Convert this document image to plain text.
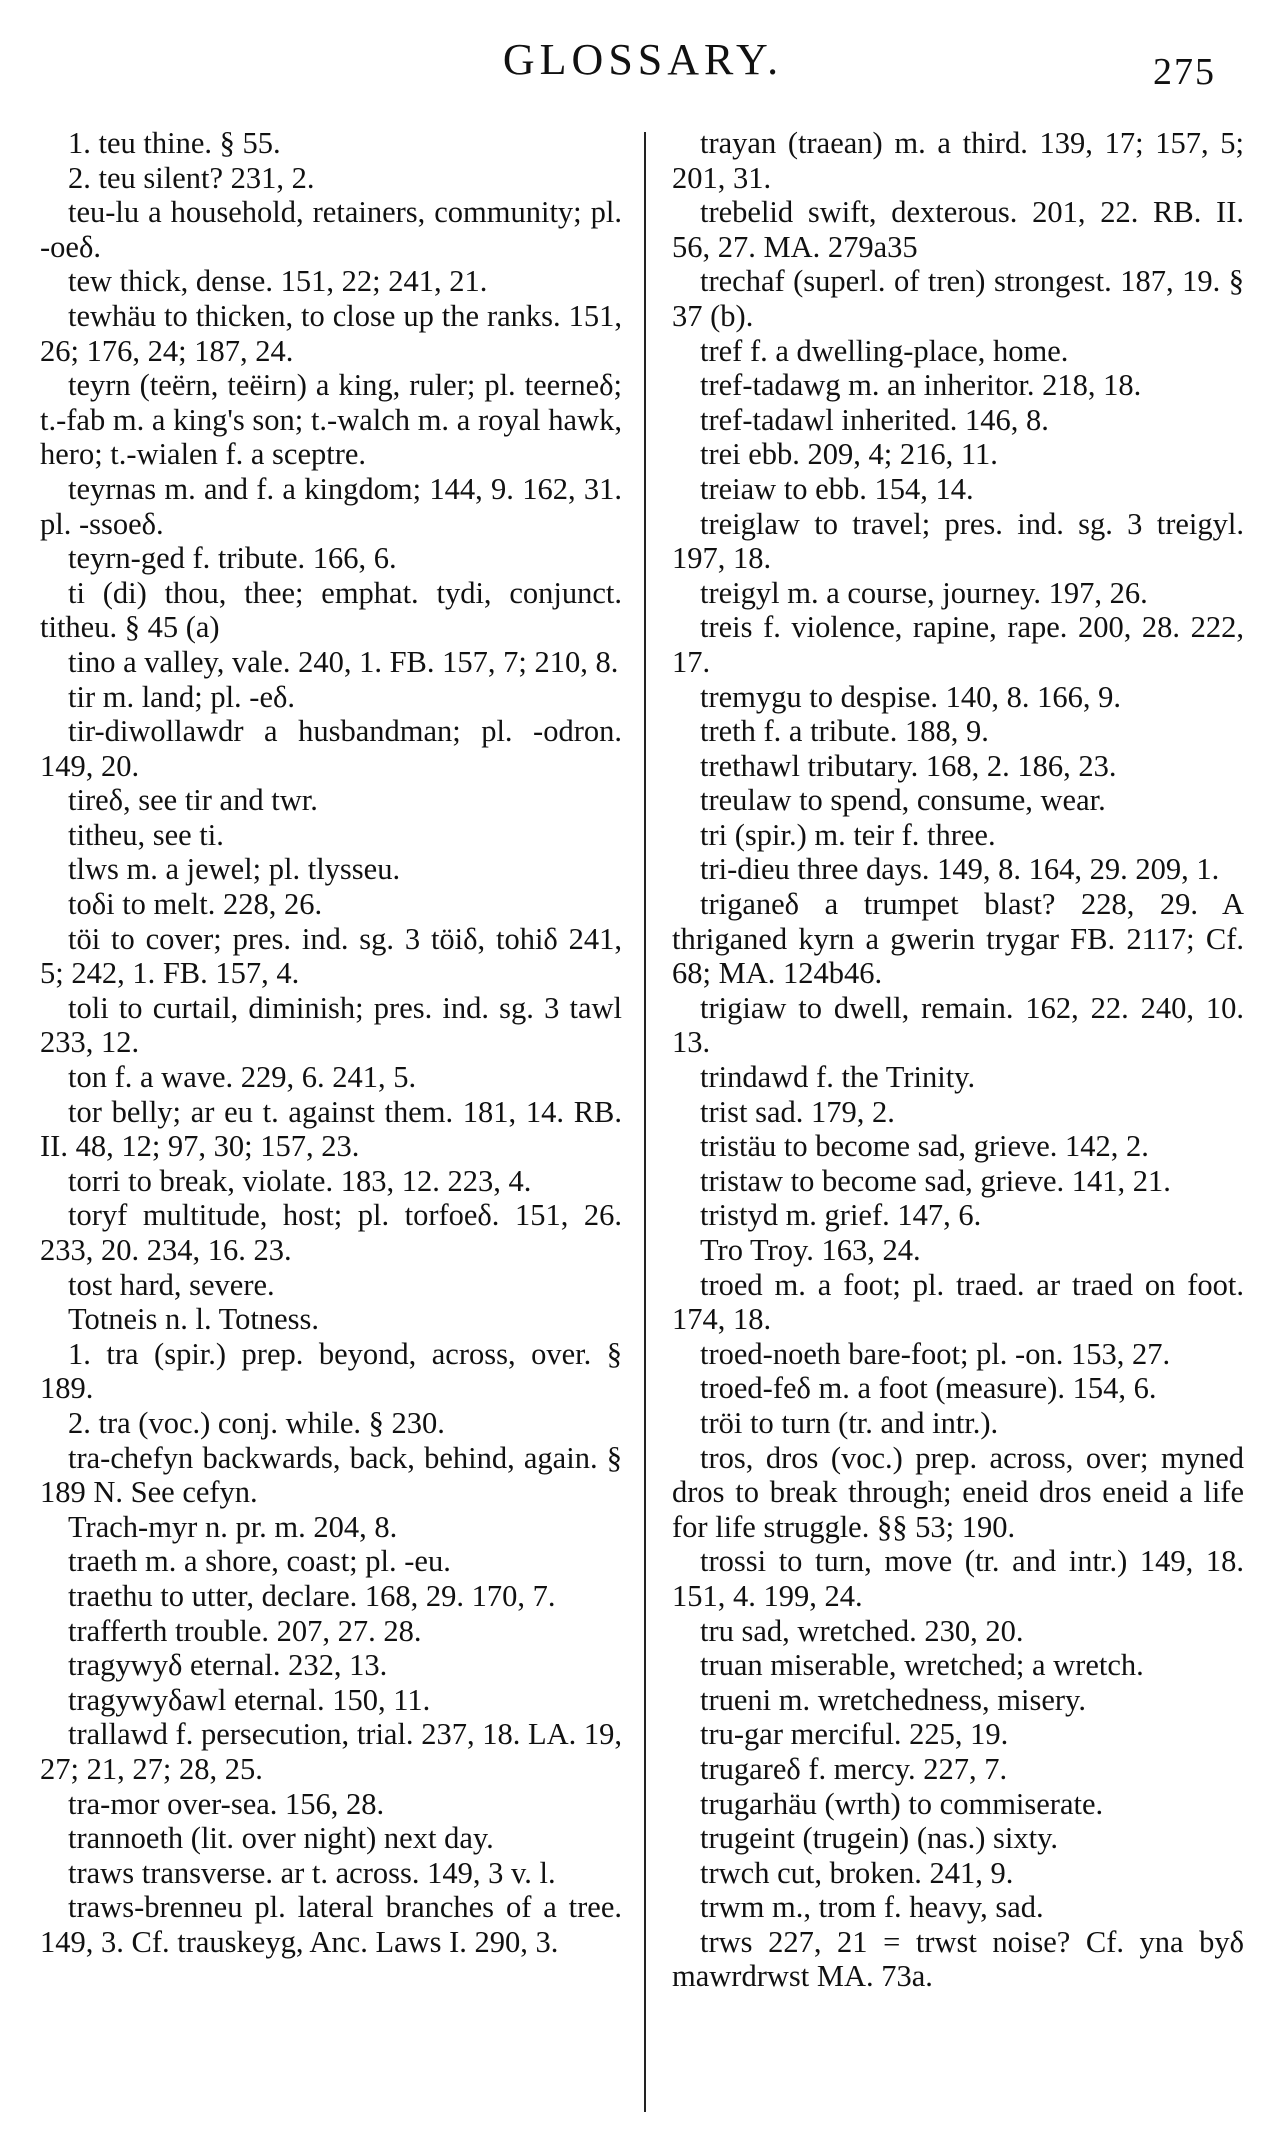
GLOSSARY.	275
1. teu thine. § 55.
2. teu silent? 231, 2.
teu-lu a household, retainers, community; pl. -oeδ.
tew thick, dense. 151, 22; 241, 21.
tewhäu to thicken, to close up the ranks. 151, 26; 176, 24; 187, 24.
teyrn (teërn, teëirn) a king, ruler; pl. teerneδ; t.-fab m. a king's son; t.-walch m. a royal hawk, hero; t.-wialen f. a sceptre.
teyrnas m. and f. a kingdom; 144, 9. 162, 31. pl. -ssoeδ.
teyrn-ged f. tribute. 166, 6.
ti (di) thou, thee; emphat. tydi, conjunct. titheu. § 45 (a)
tino a valley, vale. 240, 1. FB. 157, 7; 210, 8.
tir m. land; pl. -eδ.
tir-diwollawdr a husbandman; pl. -odron. 149, 20.
tireδ, see tir and twr.
titheu, see ti.
tlws m. a jewel; pl. tlysseu.
toδi to melt. 228, 26.
töi to cover; pres. ind. sg. 3 töiδ, tohiδ 241, 5; 242, 1. FB. 157, 4.
toli to curtail, diminish; pres. ind. sg. 3 tawl 233, 12.
ton f. a wave. 229, 6. 241, 5.
tor belly; ar eu t. against them. 181, 14. RB. II. 48, 12; 97, 30; 157, 23.
torri to break, violate. 183, 12. 223, 4.
toryf multitude, host; pl. torfoeδ. 151, 26. 233, 20. 234, 16. 23.
tost hard, severe.
Totneis n. l. Totness.
1. tra (spir.) prep. beyond, across, over. § 189.
2. tra (voc.) conj. while. § 230.
tra-chefyn backwards, back, behind, again. § 189 N. See cefyn.
Trach-myr n. pr. m. 204, 8.
traeth m. a shore, coast; pl. -eu.
traethu to utter, declare. 168, 29. 170, 7.
trafferth trouble. 207, 27. 28.
tragywyδ eternal. 232, 13.
tragywyδawl eternal. 150, 11.
trallawd f. persecution, trial. 237, 18. LA. 19, 27; 21, 27; 28, 25.
tra-mor over-sea. 156, 28.
trannoeth (lit. over night) next day.
traws transverse. ar t. across. 149, 3 v. l.
traws-brenneu pl. lateral branches of a tree. 149, 3. Cf. trauskeyg, Anc. Laws I. 290, 3.
trayan (traean) m. a third. 139, 17; 157, 5; 201, 31.
trebelid swift, dexterous. 201, 22. RB. II. 56, 27. MA. 279a35
trechaf (superl. of tren) strongest. 187, 19. § 37 (b).
tref f. a dwelling-place, home.
tref-tadawg m. an inheritor. 218, 18.
tref-tadawl inherited. 146, 8.
trei ebb. 209, 4; 216, 11.
treiaw to ebb. 154, 14.
treiglaw to travel; pres. ind. sg. 3 treigyl. 197, 18.
treigyl m. a course, journey. 197, 26.
treis f. violence, rapine, rape. 200, 28. 222, 17.
tremygu to despise. 140, 8. 166, 9.
treth f. a tribute. 188, 9.
trethawl tributary. 168, 2. 186, 23.
treulaw to spend, consume, wear.
tri (spir.) m. teir f. three.
tri-dieu three days. 149, 8. 164, 29. 209, 1.
triganeδ a trumpet blast? 228, 29. A thriganed kyrn a gwerin trygar FB. 2117; Cf. 68; MA. 124b46.
trigiaw to dwell, remain. 162, 22. 240, 10. 13.
trindawd f. the Trinity.
trist sad. 179, 2.
tristäu to become sad, grieve. 142, 2.
tristaw to become sad, grieve. 141, 21.
tristyd m. grief. 147, 6.
Tro Troy. 163, 24.
troed m. a foot; pl. traed. ar traed on foot. 174, 18.
troed-noeth bare-foot; pl. -on. 153, 27.
troed-feδ m. a foot (measure). 154, 6.
tröi to turn (tr. and intr.).
tros, dros (voc.) prep. across, over; myned dros to break through; eneid dros eneid a life for life struggle. §§ 53; 190.
trossi to turn, move (tr. and intr.) 149, 18. 151, 4. 199, 24.
tru sad, wretched. 230, 20.
truan miserable, wretched; a wretch.
trueni m. wretchedness, misery.
tru-gar merciful. 225, 19.
trugareδ f. mercy. 227, 7.
trugarhäu (wrth) to commiserate.
trugeint (trugein) (nas.) sixty.
trwch cut, broken. 241, 9.
trwm m., trom f. heavy, sad.
trws 227, 21 = trwst noise? Cf. yna byδ mawrdrwst MA. 73a.
